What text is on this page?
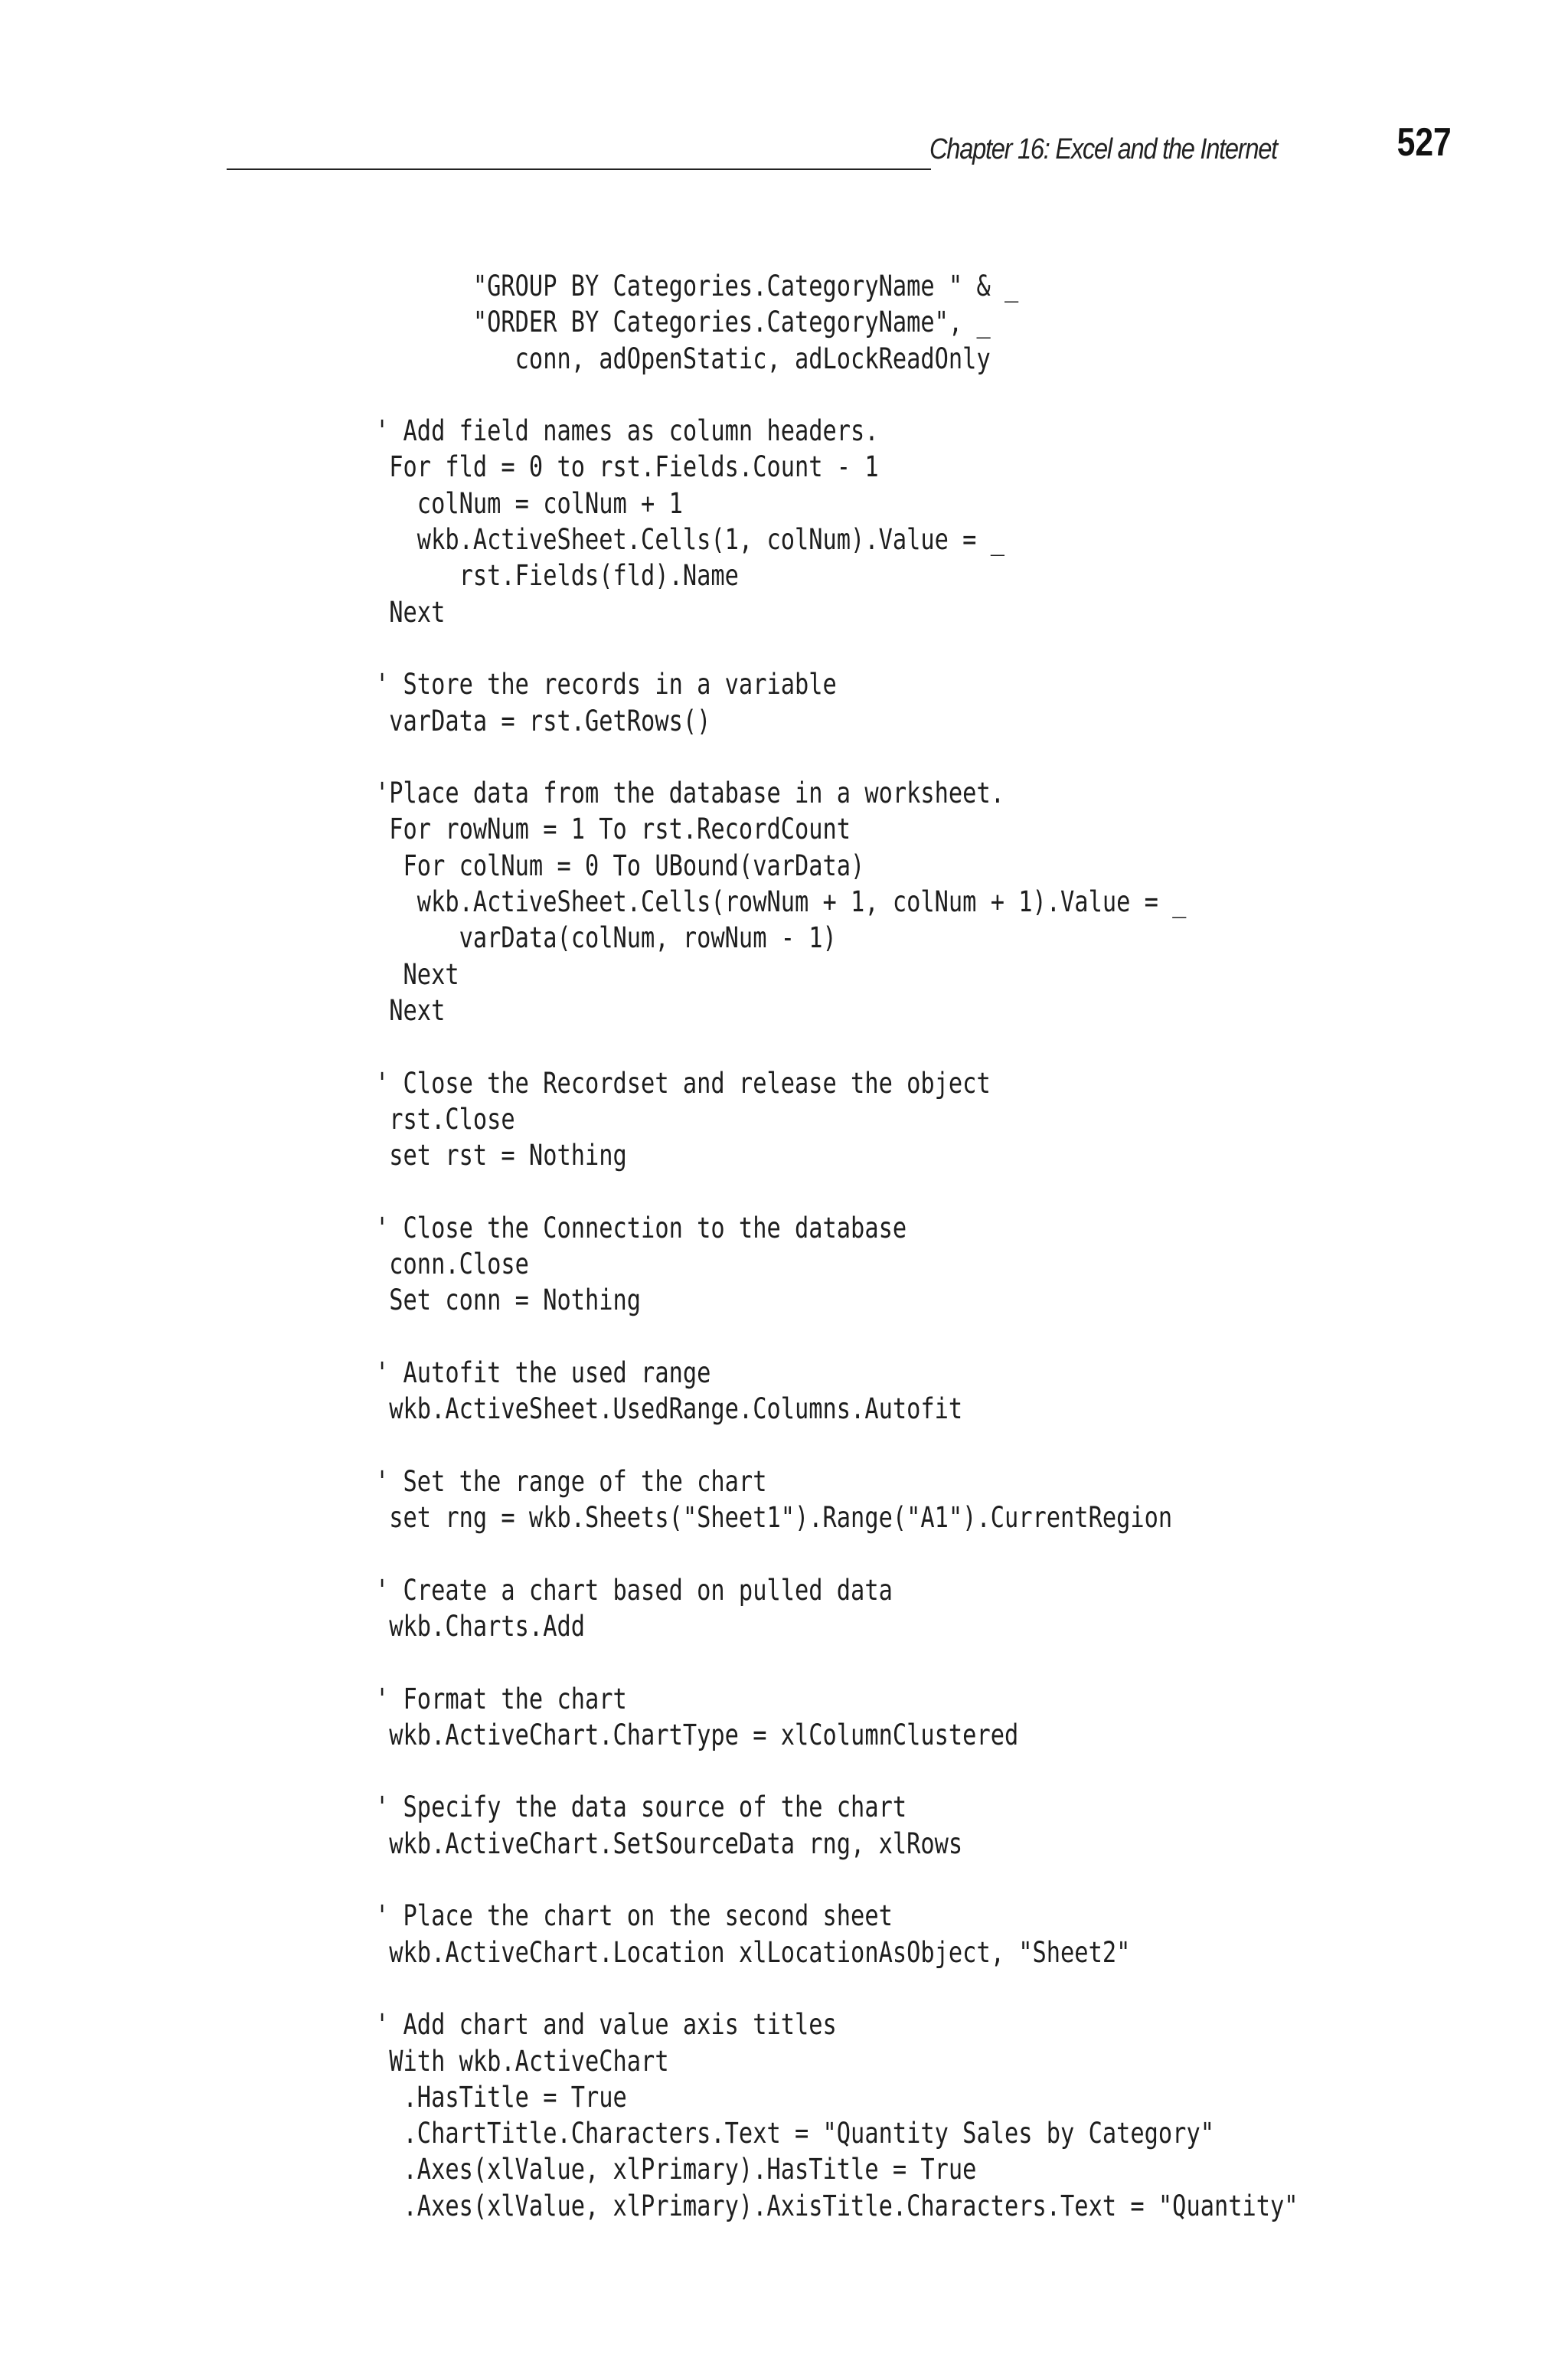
Chapter 16: Excel and the Internet	527
"GROUP BY Categories.CategoryName " & _
"ORDER BY Categories.CategoryName", _
conn, adOpenStatic, adLockReadOnly
' Add field names as column headers.
For fld = 0 to rst.Fields.Count - 1
colNum = colNum + 1
wkb.ActiveSheet.Cells(1, colNum).Value = _
rst.Fields(fld).Name
Next
' Store the records in a variable
varData = rst.GetRows()
'Place data from the database in a worksheet.
For rowNum = 1 To rst.RecordCount
For colNum = 0 To UBound(varData)
wkb.ActiveSheet.Cells(rowNum + 1, colNum + 1).Value = _
varData(colNum, rowNum - 1)
Next
Next
' Close the Recordset and release the object
rst.Close
set rst = Nothing
' Close the Connection to the database
conn.Close
Set conn = Nothing
' Autofit the used range
wkb.ActiveSheet.UsedRange.Columns.Autofit
' Set the range of the chart
set rng = wkb.Sheets("Sheet1").Range("A1").CurrentRegion
' Create a chart based on pulled data
wkb.Charts.Add
' Format the chart
wkb.ActiveChart.ChartType = xlColumnClustered
' Specify the data source of the chart
wkb.ActiveChart.SetSourceData rng, xlRows
' Place the chart on the second sheet
wkb.ActiveChart.Location xlLocationAsObject, "Sheet2"
' Add chart and value axis titles
With wkb.ActiveChart
.HasTitle = True
.ChartTitle.Characters.Text = "Quantity Sales by Category"
.Axes(xlValue, xlPrimary).HasTitle = True
.Axes(xlValue, xlPrimary).AxisTitle.Characters.Text = "Quantity"
